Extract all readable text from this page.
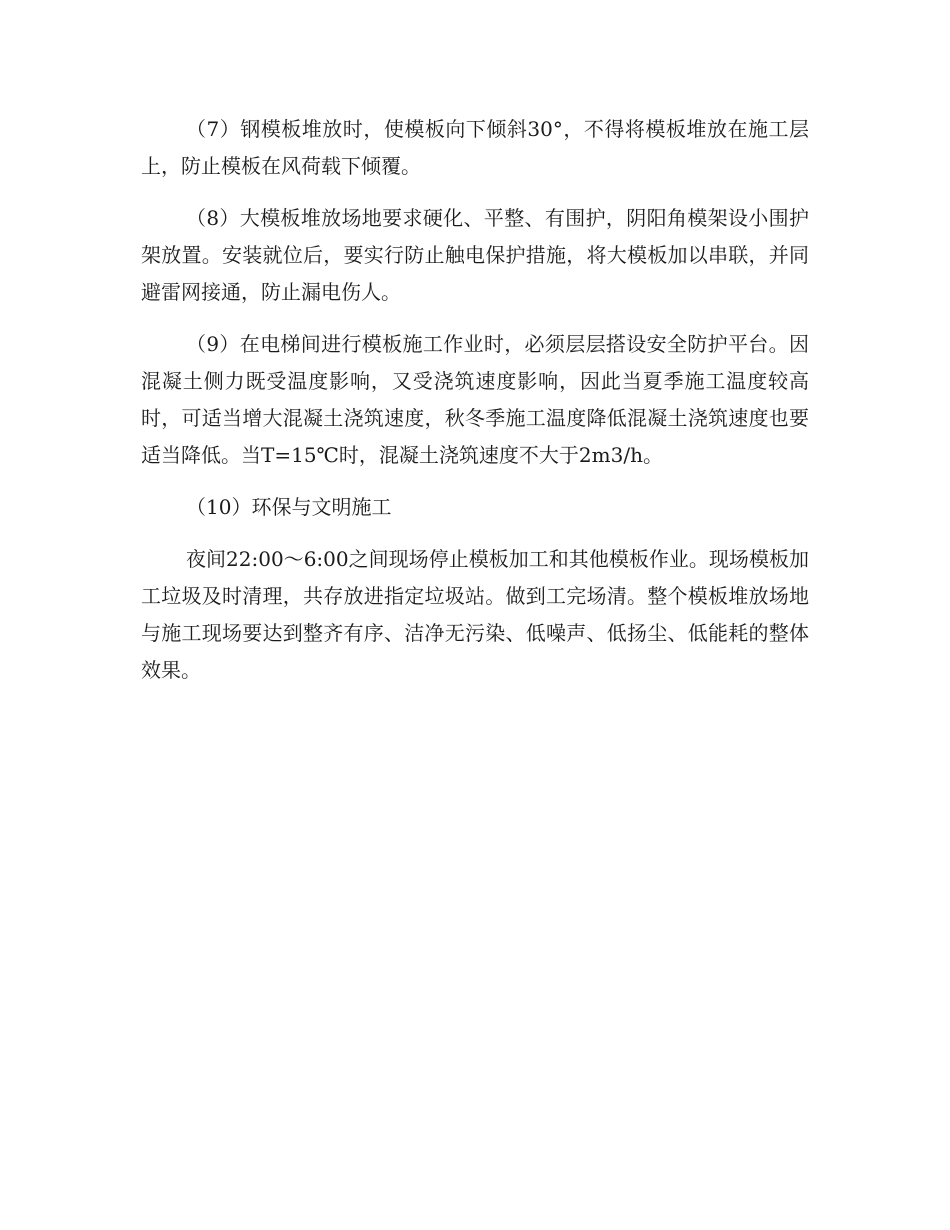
（7）钢模板堆放时，使模板向下倾斜30°，不得将模板堆放在施工层上，防止模板在风荷载下倾覆。

（8）大模板堆放场地要求硬化、平整、有围护，阴阳角模架设小围护架放置。安装就位后，要实行防止触电保护措施，将大模板加以串联，并同避雷网接通，防止漏电伤人。

（9）在电梯间进行模板施工作业时，必须层层搭设安全防护平台。因混凝土侧力既受温度影响，又受浇筑速度影响，因此当夏季施工温度较高时，可适当增大混凝土浇筑速度，秋冬季施工温度降低混凝土浇筑速度也要适当降低。当T=15℃时，混凝土浇筑速度不大于2m3/h。

（10）环保与文明施工

夜间22:00～6:00之间现场停止模板加工和其他模板作业。现场模板加工垃圾及时清理，共存放进指定垃圾站。做到工完场清。整个模板堆放场地与施工现场要达到整齐有序、洁净无污染、低噪声、低扬尘、低能耗的整体效果。
